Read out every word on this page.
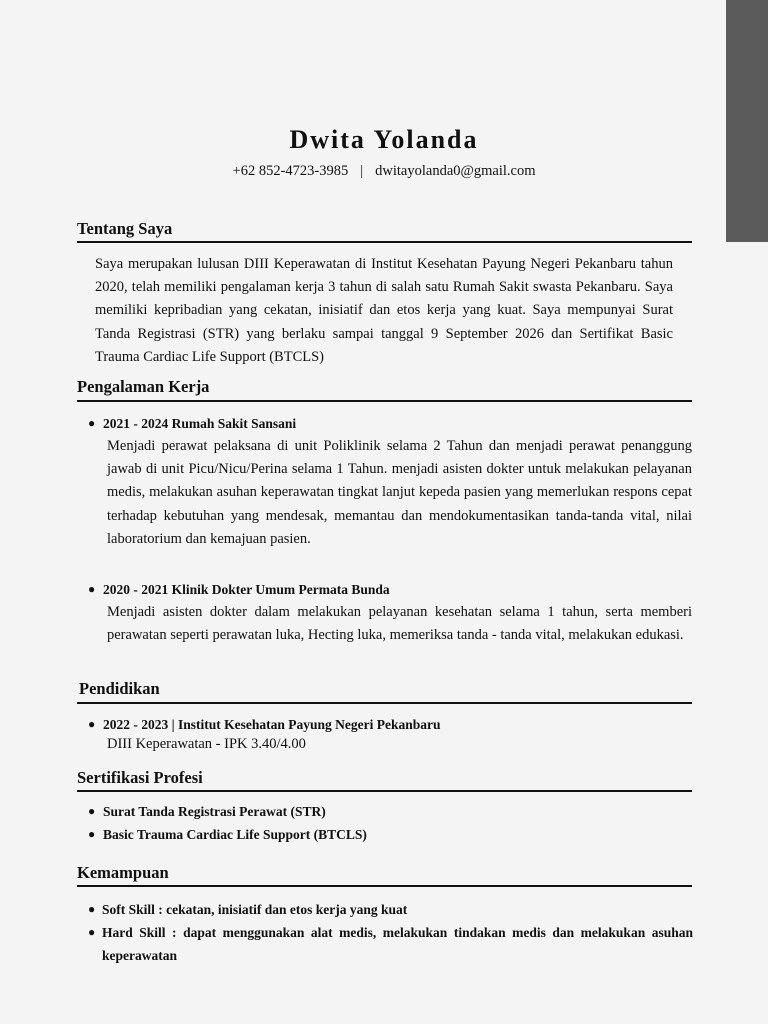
Dwita Yolanda
+62 852-4723-3985 | dwitayolanda0@gmail.com
Tentang Saya
Saya merupakan lulusan DIII Keperawatan di Institut Kesehatan Payung Negeri Pekanbaru tahun 2020, telah memiliki pengalaman kerja 3 tahun di salah satu Rumah Sakit swasta Pekanbaru. Saya memiliki kepribadian yang cekatan, inisiatif dan etos kerja yang kuat. Saya mempunyai Surat Tanda Registrasi (STR) yang berlaku sampai tanggal 9 September 2026 dan Sertifikat Basic Trauma Cardiac Life Support (BTCLS)
Pengalaman Kerja
● 2021 - 2024 Rumah Sakit Sansani
Menjadi perawat pelaksana di unit Poliklinik selama 2 Tahun dan menjadi perawat penanggung jawab di unit Picu/Nicu/Perina selama 1 Tahun. menjadi asisten dokter untuk melakukan pelayanan medis, melakukan asuhan keperawatan tingkat lanjut kepeda pasien yang memerlukan respons cepat terhadap kebutuhan yang mendesak, memantau dan mendokumentasikan tanda-tanda vital, nilai laboratorium dan kemajuan pasien.
● 2020 - 2021 Klinik Dokter Umum Permata Bunda
Menjadi asisten dokter dalam melakukan pelayanan kesehatan selama 1 tahun, serta memberi perawatan seperti perawatan luka, Hecting luka, memeriksa tanda - tanda vital, melakukan edukasi.
Pendidikan
● 2022 - 2023 | Institut Kesehatan Payung Negeri Pekanbaru
DIII Keperawatan - IPK 3.40/4.00
Sertifikasi Profesi
● Surat Tanda Registrasi Perawat (STR)
● Basic Trauma Cardiac Life Support (BTCLS)
Kemampuan
● Soft Skill : cekatan, inisiatif dan etos kerja yang kuat
● Hard Skill : dapat menggunakan alat medis, melakukan tindakan medis dan melakukan asuhan keperawatan
